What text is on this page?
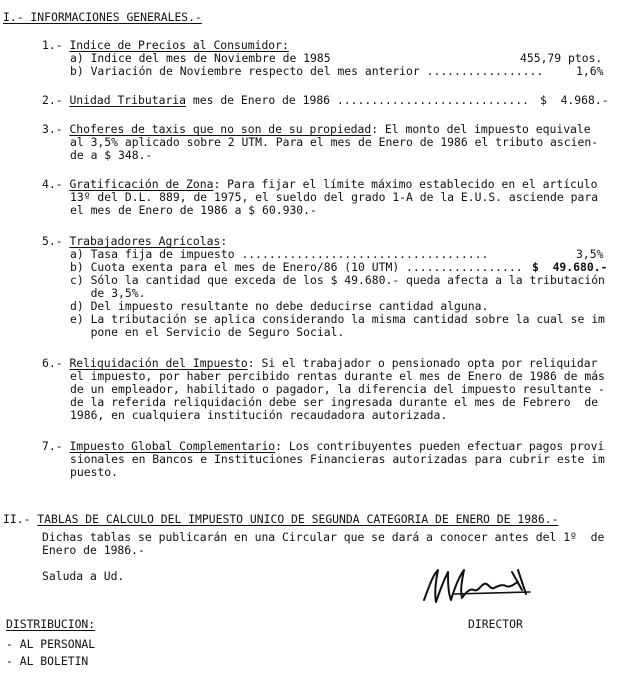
I.- INFORMACIONES GENERALES.-
1.- Indice de Precios al Consumidor:
a) Indice del mes de Noviembre de 1985	455,79 ptos.
b) Variación de Noviembre respecto del mes anterior .................	1,6%
2.- Unidad Tributaria mes de Enero de 1986 ............................ $  4.968.-
3.- Choferes de taxis que no son de su propiedad: El monto del impuesto equivale
al 3,5% aplicado sobre 2 UTM. Para el mes de Enero de 1986 el tributo ascien-
de a $ 348.-
4.- Gratificación de Zona: Para fijar el límite máximo establecido en el artículo
13º del D.L. 889, de 1975, el sueldo del grado 1-A de la E.U.S. asciende para
el mes de Enero de 1986 a $ 60.930.-
5.- Trabajadores Agrícolas:
a) Tasa fija de impuesto ....................................	3,5%
b) Cuota exenta para el mes de Enero/86 (10 UTM) ................. $  49.680.-
c) Sólo la cantidad que exceda de los $ 49.680.- queda afecta a la tributación
de 3,5%.
d) Del impuesto resultante no debe deducirse cantidad alguna.
e) La tributación se aplica considerando la misma cantidad sobre la cual se im
pone en el Servicio de Seguro Social.
6.- Reliquidación del Impuesto: Si el trabajador o pensionado opta por reliquidar
el impuesto, por haber percibido rentas durante el mes de Enero de 1986 de más
de un empleador, habilitado o pagador, la diferencia del impuesto resultante -
de la referida reliquidación debe ser ingresada durante el mes de Febrero  de
1986, en cualquiera institución recaudadora autorizada.
7.- Impuesto Global Complementario: Los contribuyentes pueden efectuar pagos provi
sionales en Bancos e Instituciones Financieras autorizadas para cubrir este im
puesto.
II.- TABLAS DE CALCULO DEL IMPUESTO UNICO DE SEGUNDA CATEGORIA DE ENERO DE 1986.-
Dichas tablas se publicarán en una Circular que se dará a conocer antes del 1º  de
Enero de 1986.-
Saluda a Ud.
DIRECTOR
DISTRIBUCION:
- AL PERSONAL
- AL BOLETIN
